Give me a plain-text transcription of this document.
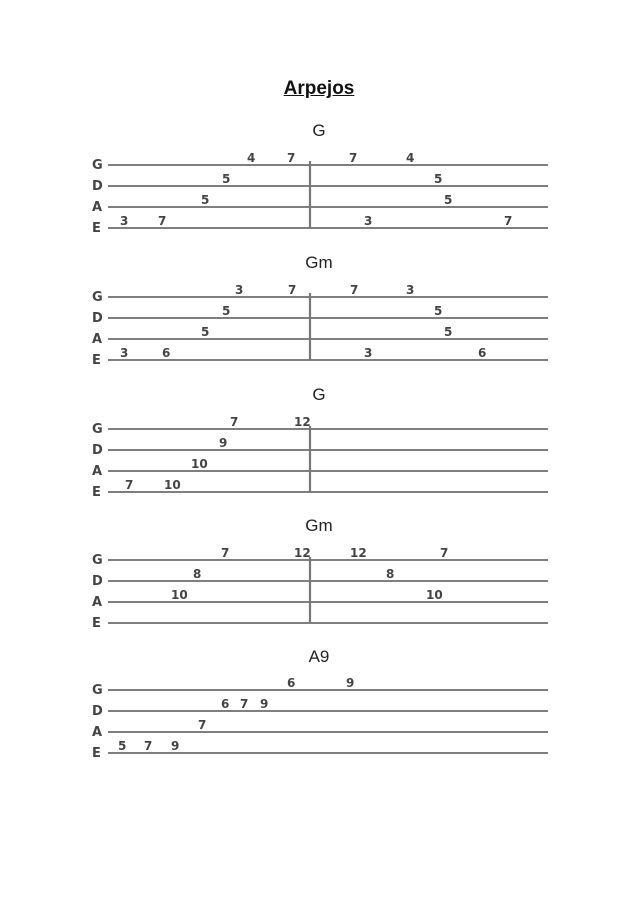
Arpejos
G
G
D
A
E
4	7	7	4
5	5
5	5
3 7	3	7
Gm
G
D
A
E
3	7	7	3
5	5
5	5
3	6	3	6
G
G
D
A
E
7	12
9
10
7	10
Gm
G
D
A
E
7	12	12	7
8	8
10	10
A9
G
D
A
E
6	9
6 7 9
7
5 7 9
